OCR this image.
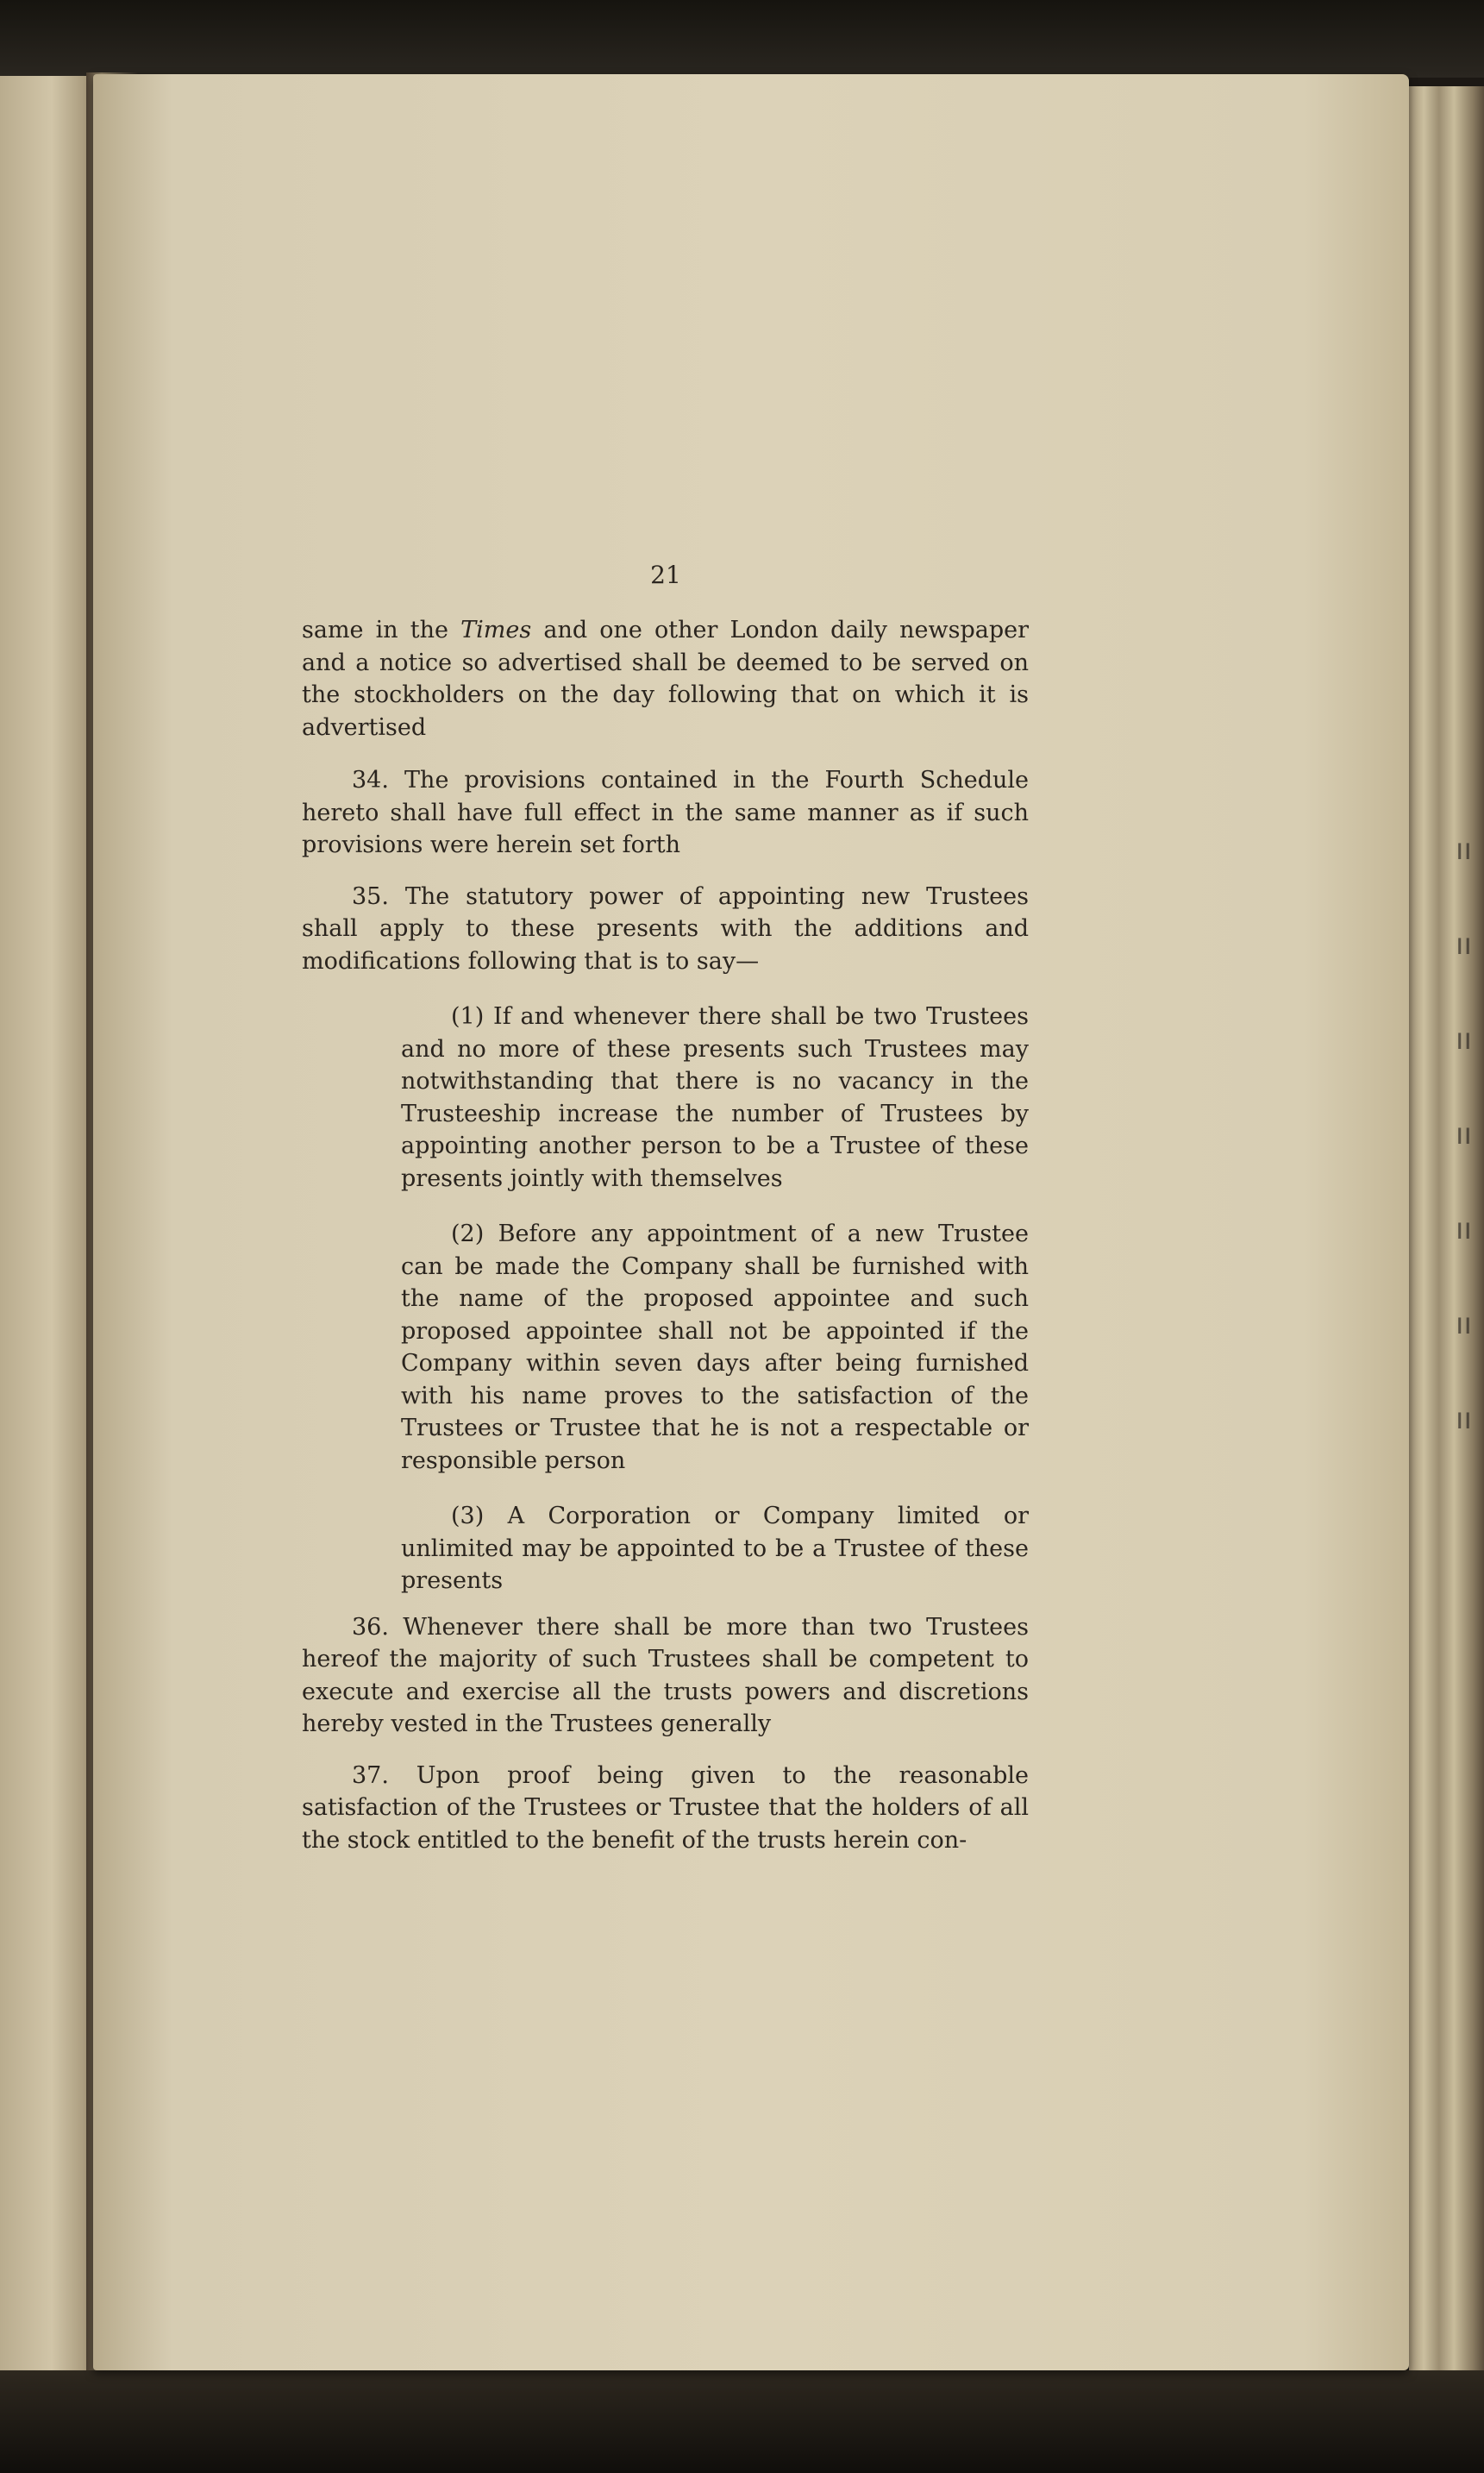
ıı
ıı
ıı
ıı
ıı
ıı
ıı
21

same in the Times and one other London daily newspaper and a notice so advertised shall be deemed to be served on the stockholders on the day following that on which it is advertised

34. The provisions contained in the Fourth Schedule hereto shall have full effect in the same manner as if such provisions were herein set forth

35. The statutory power of appointing new Trustees shall apply to these presents with the additions and modifications following that is to say—

(1) If and whenever there shall be two Trustees and no more of these presents such Trustees may notwithstanding that there is no vacancy in the Trusteeship increase the number of Trustees by appointing another person to be a Trustee of these presents jointly with themselves

(2) Before any appointment of a new Trustee can be made the Company shall be furnished with the name of the proposed appointee and such proposed appointee shall not be appointed if the Company within seven days after being furnished with his name proves to the satisfaction of the Trustees or Trustee that he is not a respectable or responsible person

(3) A Corporation or Company limited or unlimited may be appointed to be a Trustee of these presents

36. Whenever there shall be more than two Trustees hereof the majority of such Trustees shall be competent to execute and exercise all the trusts powers and discretions hereby vested in the Trustees generally

37. Upon proof being given to the reasonable satisfaction of the Trustees or Trustee that the holders of all the stock entitled to the benefit of the trusts herein con-
